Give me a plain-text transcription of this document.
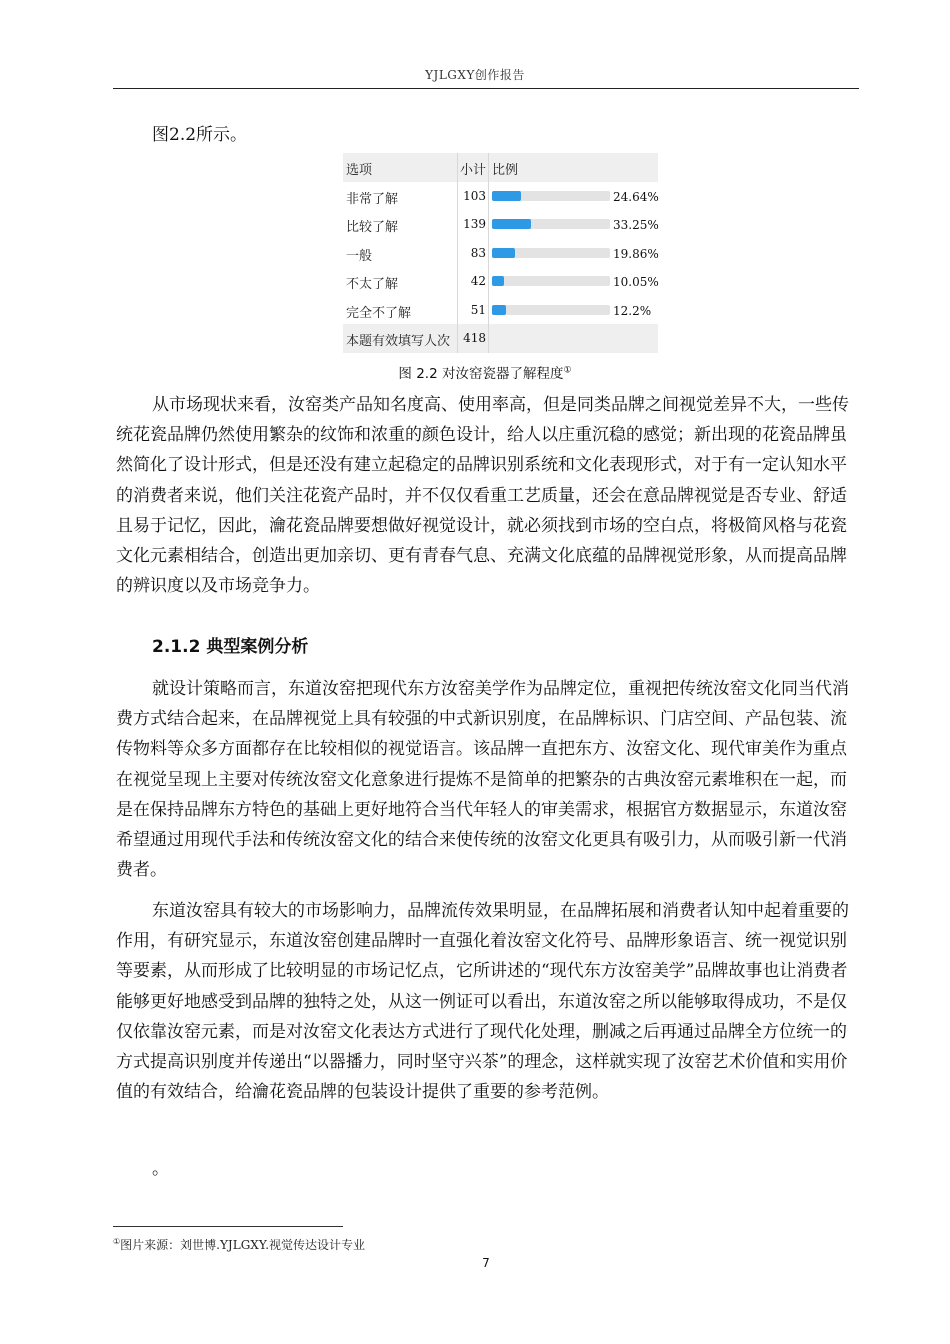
YJLGXY创作报告

图2.2所示。

选项	小计 比例
非常了解	103	24.64%
比较了解	139	33.25%
一般	83	19.86%
不太了解	42	10.05%
完全不了解	51	12.2%
本题有效填写人次 418
图 2.2 对汝窑瓷器了解程度①

从市场现状来看，汝窑类产品知名度高、使用率高，但是同类品牌之间视觉差异不大，一些传统花瓷品牌仍然使用繁杂的纹饰和浓重的颜色设计，给人以庄重沉稳的感觉；新出现的花瓷品牌虽然简化了设计形式，但是还没有建立起稳定的品牌识别系统和文化表现形式，对于有一定认知水平的消费者来说，他们关注花瓷产品时，并不仅仅看重工艺质量，还会在意品牌视觉是否专业、舒适且易于记忆，因此，瀹花瓷品牌要想做好视觉设计，就必须找到市场的空白点，将极简风格与花瓷文化元素相结合，创造出更加亲切、更有青春气息、充满文化底蕴的品牌视觉形象，从而提高品牌的辨识度以及市场竞争力。

2.1.2 典型案例分析

就设计策略而言，东道汝窑把现代东方汝窑美学作为品牌定位，重视把传统汝窑文化同当代消费方式结合起来，在品牌视觉上具有较强的中式新识别度，在品牌标识、门店空间、产品包装、流传物料等众多方面都存在比较相似的视觉语言。该品牌一直把东方、汝窑文化、现代审美作为重点在视觉呈现上主要对传统汝窑文化意象进行提炼不是简单的把繁杂的古典汝窑元素堆积在一起，而是在保持品牌东方特色的基础上更好地符合当代年轻人的审美需求，根据官方数据显示，东道汝窑希望通过用现代手法和传统汝窑文化的结合来使传统的汝窑文化更具有吸引力，从而吸引新一代消费者。

东道汝窑具有较大的市场影响力，品牌流传效果明显，在品牌拓展和消费者认知中起着重要的作用，有研究显示，东道汝窑创建品牌时一直强化着汝窑文化符号、品牌形象语言、统一视觉识别等要素，从而形成了比较明显的市场记忆点，它所讲述的“现代东方汝窑美学”品牌故事也让消费者能够更好地感受到品牌的独特之处，从这一例证可以看出，东道汝窑之所以能够取得成功，不是仅仅依靠汝窑元素，而是对汝窑文化表达方式进行了现代化处理，删减之后再通过品牌全方位统一的方式提高识别度并传递出“以器播力，同时坚守兴茶”的理念，这样就实现了汝窑艺术价值和实用价值的有效结合，给瀹花瓷品牌的包装设计提供了重要的参考范例。

。

①图片来源：刘世博.YJLGXY.视觉传达设计专业
7
